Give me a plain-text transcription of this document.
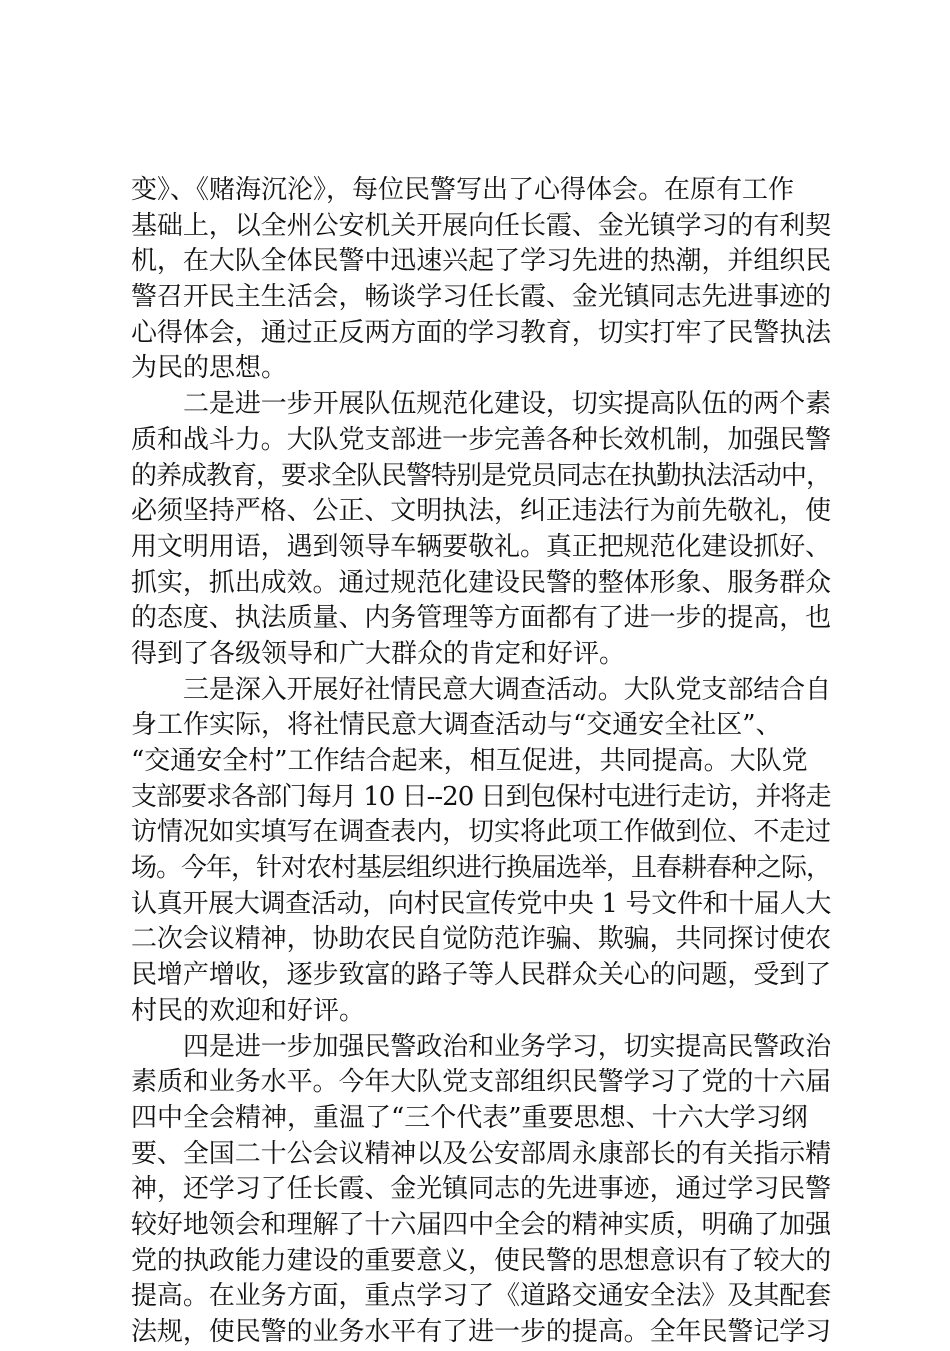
变》、《赌海沉沦》，每位民警写出了心得体会。在原有工作
基础上，以全州公安机关开展向任长霞、金光镇学习的有利契
机，在大队全体民警中迅速兴起了学习先进的热潮，并组织民
警召开民主生活会，畅谈学习任长霞、金光镇同志先进事迹的
心得体会，通过正反两方面的学习教育，切实打牢了民警执法
为民的思想。
二是进一步开展队伍规范化建设，切实提高队伍的两个素
质和战斗力。大队党支部进一步完善各种长效机制，加强民警
的养成教育，要求全队民警特别是党员同志在执勤执法活动中，
必须坚持严格、公正、文明执法，纠正违法行为前先敬礼，使
用文明用语，遇到领导车辆要敬礼。真正把规范化建设抓好、
抓实，抓出成效。通过规范化建设民警的整体形象、服务群众
的态度、执法质量、内务管理等方面都有了进一步的提高，也
得到了各级领导和广大群众的肯定和好评。
三是深入开展好社情民意大调查活动。大队党支部结合自
身工作实际，将社情民意大调查活动与“交通安全社区”、
“交通安全村”工作结合起来，相互促进，共同提高。大队党
支部要求各部门每月 10 日--20 日到包保村屯进行走访，并将走
访情况如实填写在调查表内，切实将此项工作做到位、不走过
场。今年，针对农村基层组织进行换届选举，且春耕春种之际，
认真开展大调查活动，向村民宣传党中央 1 号文件和十届人大
二次会议精神，协助农民自觉防范诈骗、欺骗，共同探讨使农
民增产增收，逐步致富的路子等人民群众关心的问题，受到了
村民的欢迎和好评。
四是进一步加强民警政治和业务学习，切实提高民警政治
素质和业务水平。今年大队党支部组织民警学习了党的十六届
四中全会精神，重温了“三个代表”重要思想、十六大学习纲
要、全国二十公会议精神以及公安部周永康部长的有关指示精
神，还学习了任长霞、金光镇同志的先进事迹，通过学习民警
较好地领会和理解了十六届四中全会的精神实质，明确了加强
党的执政能力建设的重要意义，使民警的思想意识有了较大的
提高。在业务方面，重点学习了《道路交通安全法》及其配套
法规，使民警的业务水平有了进一步的提高。全年民警记学习
